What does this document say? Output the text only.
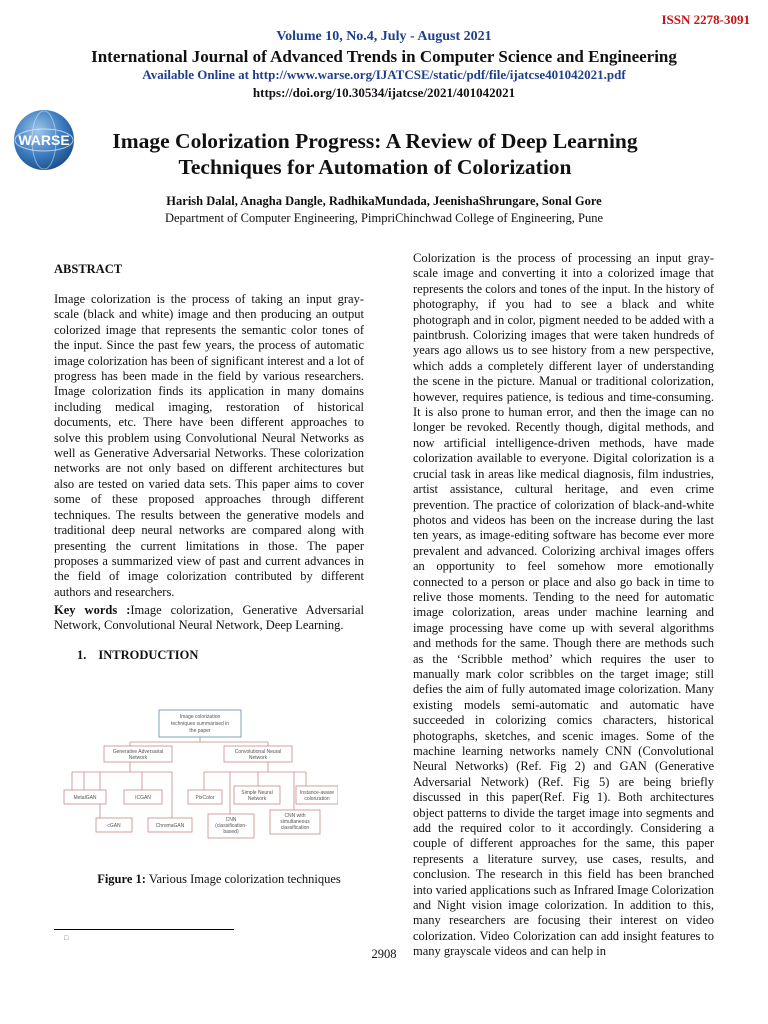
ISSN 2278-3091
Volume 10, No.4, July - August 2021
International Journal of Advanced Trends in Computer Science and Engineering
Available Online at http://www.warse.org/IJATCSE/static/pdf/file/ijatcse401042021.pdf
https://doi.org/10.30534/ijatcse/2021/401042021
WARSE	Image Colorization Progress: A Review of Deep Learning
Techniques for Automation of Colorization
Harish Dalal, Anagha Dangle, RadhikaMundada, JeenishaShrungare, Sonal Gore
Department of Computer Engineering, PimpriChinchwad College of Engineering, Pune
ABSTRACT
Image colorization is the process of taking an input gray-scale (black and white) image and then producing an output colorized image that represents the semantic color tones of the input. Since the past few years, the process of automatic image colorization has been of significant interest and a lot of progress has been made in the field by various researchers. Image colorization finds its application in many domains including medical imaging, restoration of historical documents, etc. There have been different approaches to solve this problem using Convolutional Neural Networks as well as Generative Adversarial Networks. These colorization networks are not only based on different architectures but also are tested on varied data sets. This paper aims to cover some of these proposed approaches through different techniques. The results between the generative models and traditional deep neural networks are compared along with presenting the current limitations in those. The paper proposes a summarized view of past and current advances in the field of image colorization contributed by different authors and researchers.
Key words :Image colorization, Generative Adversarial Network, Convolutional Neural Network, Deep Learning.
1. INTRODUCTION
Image colorization
techniques summarised in
the paper
Generative Adversarial
Network
Convolutional Neural
Network
MetalGAN	ICGAN
cGAN	ChromaGAN
PixColor
Simple Neural
Network
Instance-aware
colorization
CNN
(classification-
based)
CNN with
simultaneous
classification
Figure 1: Various Image colorization techniques
□
Colorization is the process of processing an input gray-scale image and converting it into a colorized image that represents the colors and tones of the input. In the history of photography, if you had to see a black and white photograph and in color, pigment needed to be added with a paintbrush. Colorizing images that were taken hundreds of years ago allows us to see history from a new perspective, which adds a completely different layer of understanding the scene in the picture. Manual or traditional colorization, however, requires patience, is tedious and time-consuming. It is also prone to human error, and then the image can no longer be revoked. Recently though, digital methods, and now artificial intelligence-driven methods, have made colorization available to everyone. Digital colorization is a crucial task in areas like medical diagnosis, film industries, artist assistance, cultural heritage, and even crime prevention. The practice of colorization of black-and-white photos and videos has been on the increase during the last ten years, as image-editing software has become ever more prevalent and advanced. Colorizing archival images offers an opportunity to feel somehow more emotionally connected to a person or place and also go back in time to relive those moments. Tending to the need for automatic image colorization, areas under machine learning and image processing have come up with several algorithms and methods for the same. Though there are methods such as the ‘Scribble method’ which requires the user to manually mark color scribbles on the target image; still defies the aim of fully automated image colorization. Many existing models semi-automatic and automatic have succeeded in colorizing comics characters, historical photographs, sketches, and scenic images. Some of the machine learning networks namely CNN (Convolutional Neural Networks) (Ref. Fig 2) and GAN (Generative Adversarial Network) (Ref. Fig 5) are being briefly discussed in this paper(Ref. Fig 1). Both architectures object patterns to divide the target image into segments and add the required color to it accordingly. Considering a couple of different approaches for the same, this paper represents a literature survey, use cases, results, and conclusion. The research in this field has been branched into varied applications such as Infrared Image Colorization and Night vision image colorization. In addition to this, many researchers are focusing their interest on video colorization. Video Colorization can add insight features to many grayscale videos and can help in
2908
